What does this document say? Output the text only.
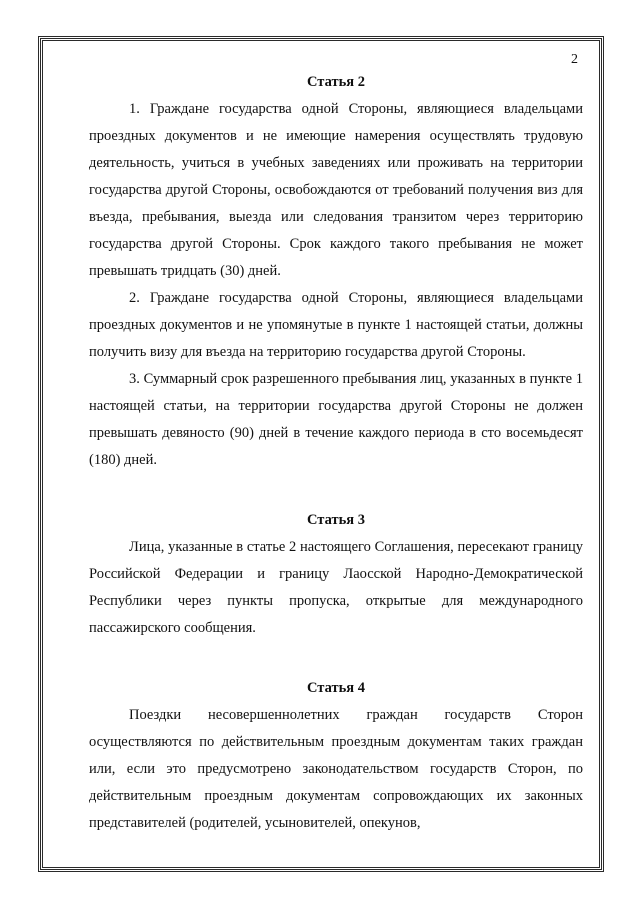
2
Статья 2

1. Граждане государства одной Стороны, являющиеся владельцами проездных документов и не имеющие намерения осуществлять трудовую деятельность, учиться в учебных заведениях или проживать на территории государства другой Стороны, освобождаются от требований получения виз для въезда, пребывания, выезда или следования транзитом через территорию государства другой Стороны. Срок каждого такого пребывания не может превышать тридцать (30) дней.

2. Граждане государства одной Стороны, являющиеся владельцами проездных документов и не упомянутые в пункте 1 настоящей статьи, должны получить визу для въезда на территорию государства другой Стороны.

3. Суммарный срок разрешенного пребывания лиц, указанных в пункте 1 настоящей статьи, на территории государства другой Стороны не должен превышать девяносто (90) дней в течение каждого периода в сто восемьдесят (180) дней.

Статья 3

Лица, указанные в статье 2 настоящего Соглашения, пересекают границу Российской Федерации и границу Лаосской Народно-Демократической Республики через пункты пропуска, открытые для международного пассажирского сообщения.

Статья 4

Поездки несовершеннолетних граждан государств Сторон осуществляются по действительным проездным документам таких граждан или, если это предусмотрено законодательством государств Сторон, по действительным проездным документам сопровождающих их законных представителей (родителей, усыновителей, опекунов,
